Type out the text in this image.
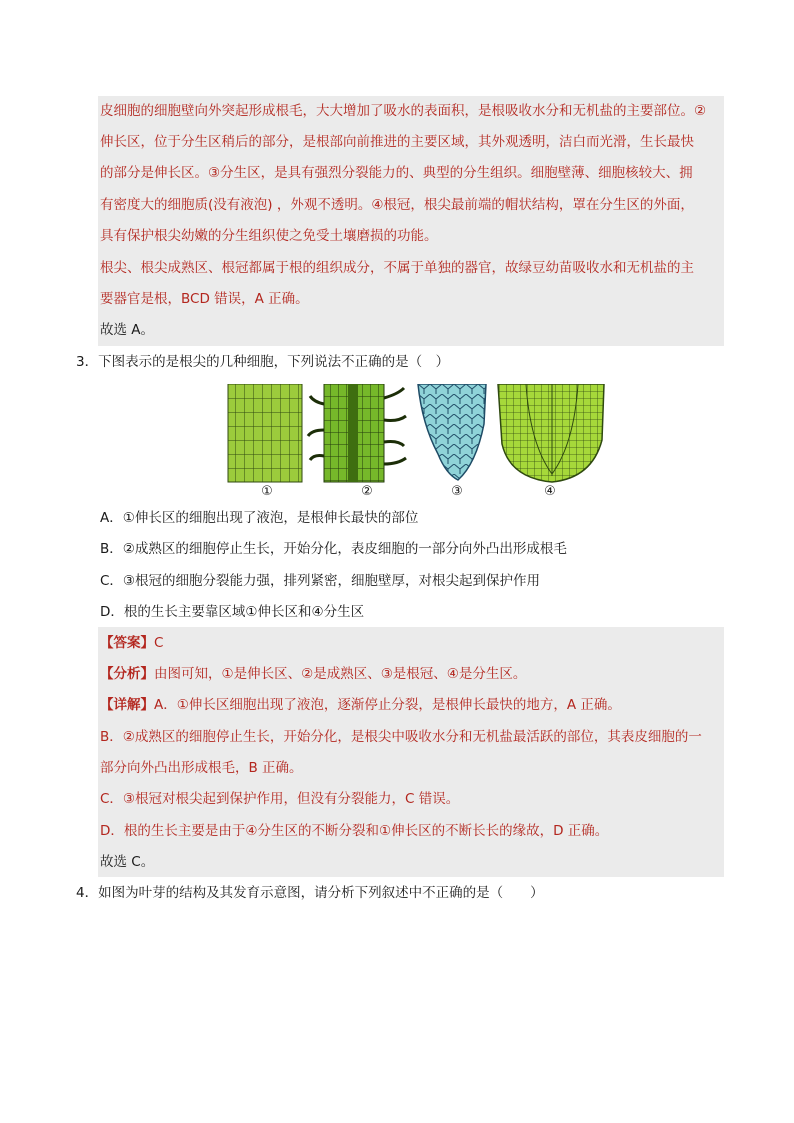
皮细胞的细胞壁向外突起形成根毛，大大增加了吸水的表面积，是根吸收水分和无机盐的主要部位。②
伸长区，位于分生区稍后的部分，是根部向前推进的主要区域，其外观透明，洁白而光滑，生长最快
的部分是伸长区。③分生区，是具有强烈分裂能力的、典型的分生组织。细胞壁薄、细胞核较大、拥
有密度大的细胞质(没有液泡) ，外观不透明。④根冠，根尖最前端的帽状结构，罩在分生区的外面，
具有保护根尖幼嫩的分生组织使之免受土壤磨损的功能。
根尖、根尖成熟区、根冠都属于根的组织成分，不属于单独的器官，故绿豆幼苗吸收水和无机盐的主
要器官是根，BCD 错误，A 正确。
故选 A。
3．下图表示的是根尖的几种细胞，下列说法不正确的是（　）
①	②	③	④
A．①伸长区的细胞出现了液泡，是根伸长最快的部位
B．②成熟区的细胞停止生长，开始分化，表皮细胞的一部分向外凸出形成根毛
C．③根冠的细胞分裂能力强，排列紧密，细胞壁厚，对根尖起到保护作用
D．根的生长主要靠区域①伸长区和④分生区
【答案】C
【分析】由图可知，①是伸长区、②是成熟区、③是根冠、④是分生区。
【详解】A．①伸长区细胞出现了液泡，逐渐停止分裂，是根伸长最快的地方，A 正确。
B．②成熟区的细胞停止生长，开始分化，是根尖中吸收水分和无机盐最活跃的部位，其表皮细胞的一
部分向外凸出形成根毛，B 正确。
C．③根冠对根尖起到保护作用，但没有分裂能力，C 错误。
D．根的生长主要是由于④分生区的不断分裂和①伸长区的不断长长的缘故，D 正确。
故选 C。
4．如图为叶芽的结构及其发育示意图，请分析下列叙述中不正确的是（　　）
